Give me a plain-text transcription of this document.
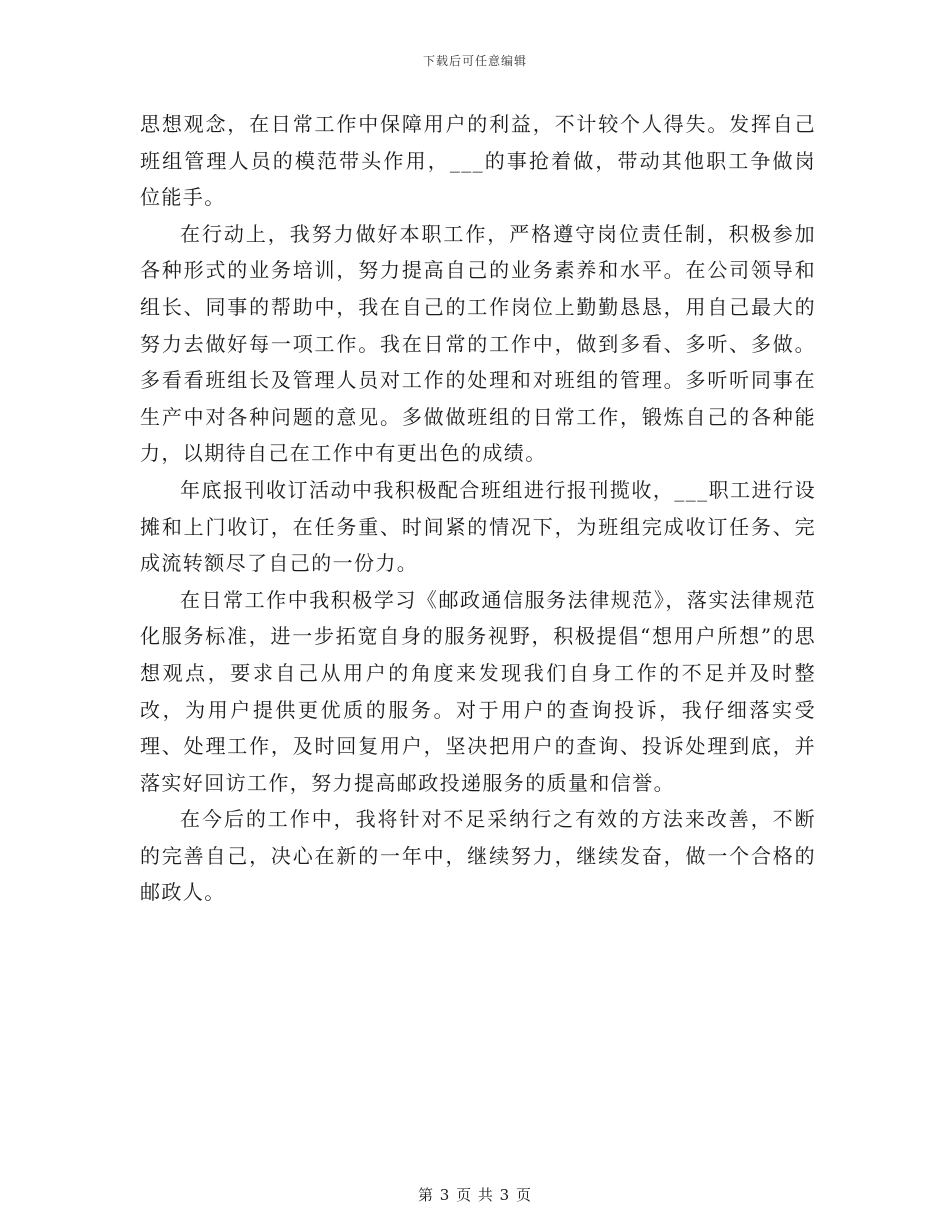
下载后可任意编辑

思想观念，在日常工作中保障用户的利益，不计较个人得失。发挥自己班组管理人员的模范带头作用，___的事抢着做，带动其他职工争做岗位能手。

在行动上，我努力做好本职工作，严格遵守岗位责任制，积极参加各种形式的业务培训，努力提高自己的业务素养和水平。在公司领导和组长、同事的帮助中，我在自己的工作岗位上勤勤恳恳，用自己最大的努力去做好每一项工作。我在日常的工作中，做到多看、多听、多做。多看看班组长及管理人员对工作的处理和对班组的管理。多听听同事在生产中对各种问题的意见。多做做班组的日常工作，锻炼自己的各种能力，以期待自己在工作中有更出色的成绩。

年底报刊收订活动中我积极配合班组进行报刊揽收，___职工进行设摊和上门收订，在任务重、时间紧的情况下，为班组完成收订任务、完成流转额尽了自己的一份力。

在日常工作中我积极学习《邮政通信服务法律规范》，落实法律规范化服务标准，进一步拓宽自身的服务视野，积极提倡“想用户所想”的思想观点，要求自己从用户的角度来发现我们自身工作的不足并及时整改，为用户提供更优质的服务。对于用户的查询投诉，我仔细落实受理、处理工作，及时回复用户，坚决把用户的查询、投诉处理到底，并落实好回访工作，努力提高邮政投递服务的质量和信誉。

在今后的工作中，我将针对不足采纳行之有效的方法来改善，不断的完善自己，决心在新的一年中，继续努力，继续发奋，做一个合格的邮政人。

第 3 页 共 3 页
